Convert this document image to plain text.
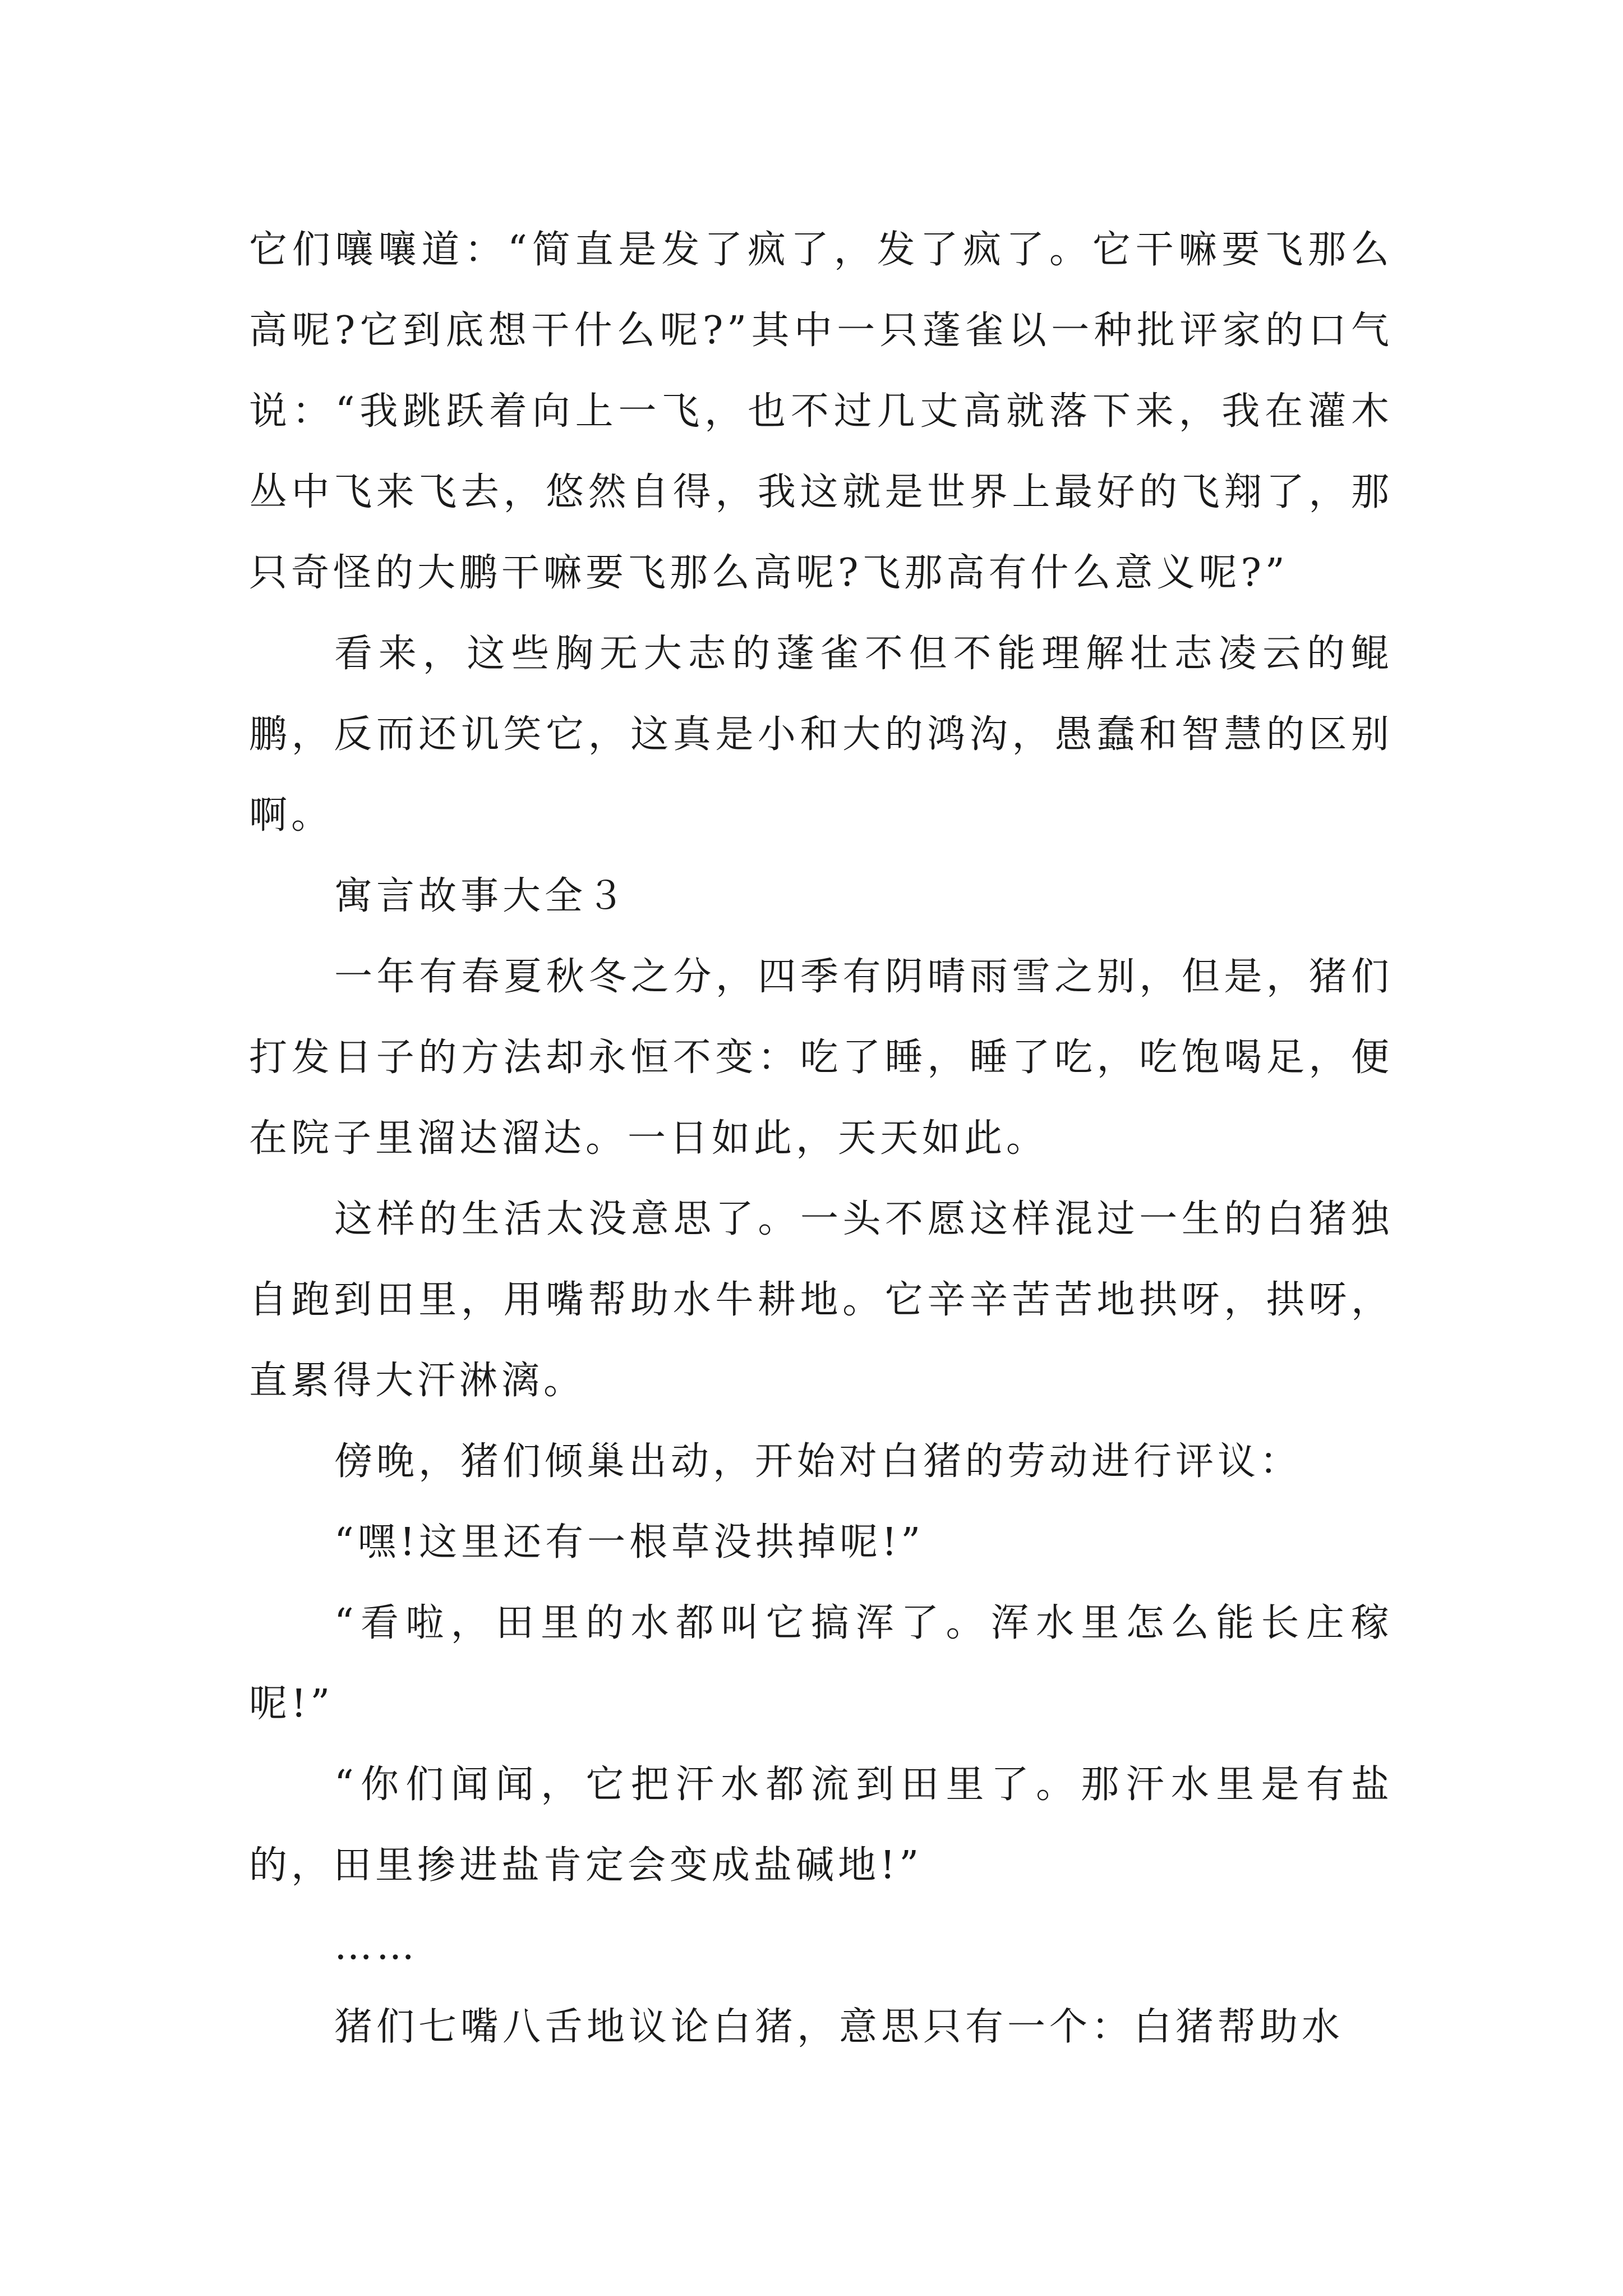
它们嚷嚷道：“简直是发了疯了，发了疯了。它干嘛要飞那么高呢?它到底想干什么呢?”其中一只蓬雀以一种批评家的口气说：“我跳跃着向上一飞，也不过几丈高就落下来，我在灌木丛中飞来飞去，悠然自得，我这就是世界上最好的飞翔了，那只奇怪的大鹏干嘛要飞那么高呢?飞那高有什么意义呢?”

看来，这些胸无大志的蓬雀不但不能理解壮志凌云的鲲鹏，反而还讥笑它，这真是小和大的鸿沟，愚蠢和智慧的区别啊。

寓言故事大全３

一年有春夏秋冬之分，四季有阴晴雨雪之别，但是，猪们打发日子的方法却永恒不变：吃了睡，睡了吃，吃饱喝足，便在院子里溜达溜达。一日如此，天天如此。

这样的生活太没意思了。一头不愿这样混过一生的白猪独自跑到田里，用嘴帮助水牛耕地。它辛辛苦苦地拱呀，拱呀，直累得大汗淋漓。

傍晚，猪们倾巢出动，开始对白猪的劳动进行评议：

“嘿!这里还有一根草没拱掉呢!”

“看啦，田里的水都叫它搞浑了。浑水里怎么能长庄稼呢!”

“你们闻闻，它把汗水都流到田里了。那汗水里是有盐的，田里掺进盐肯定会变成盐碱地!”

……

猪们七嘴八舌地议论白猪，意思只有一个：白猪帮助水
